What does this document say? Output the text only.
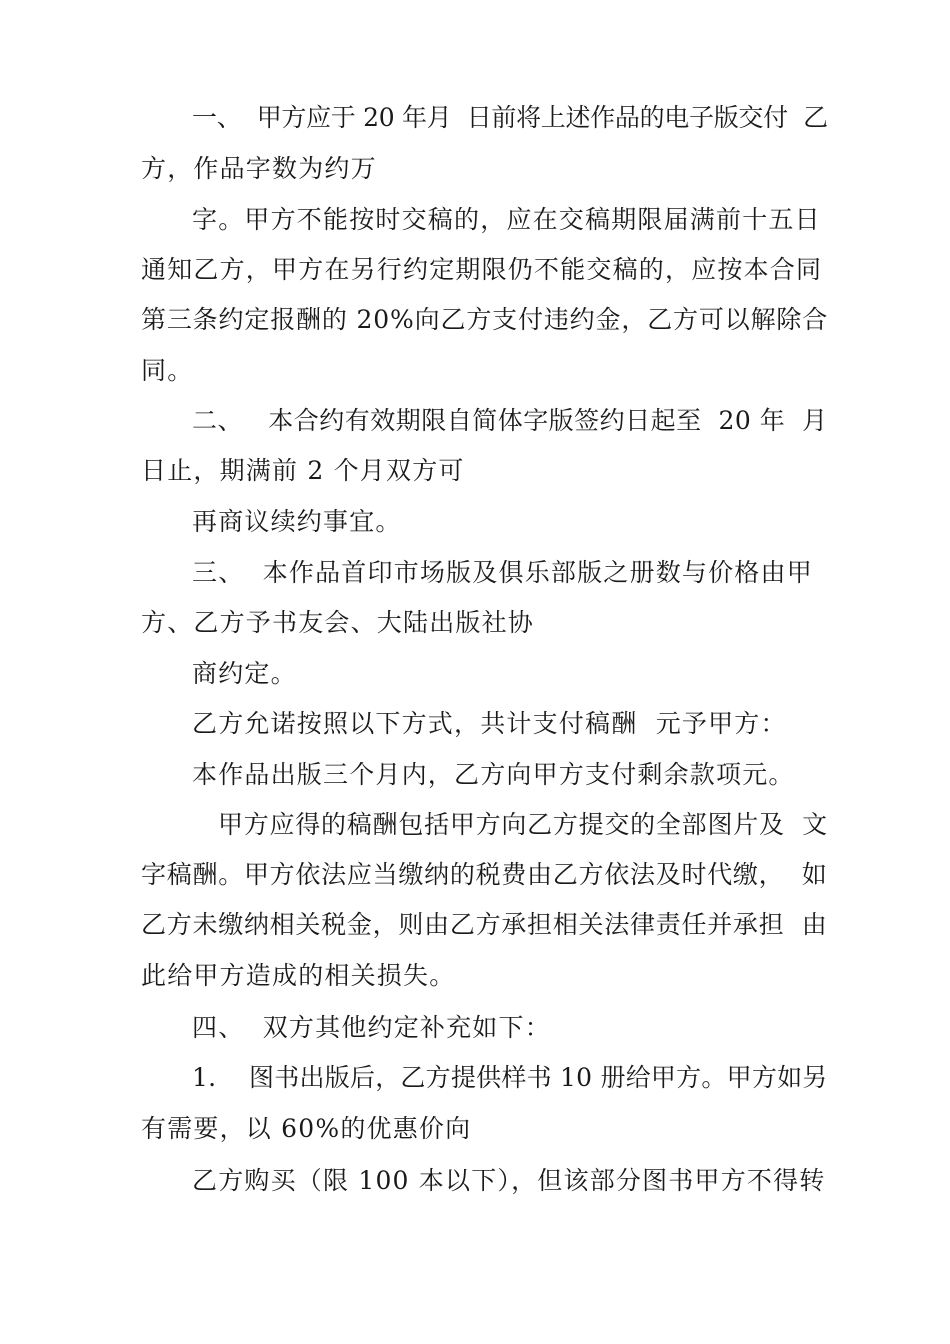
一、  甲方应于 20 年月  日前将上述作品的电子版交付  乙
方，作品字数为约万
字。甲方不能按时交稿的，应在交稿期限届满前十五日
通知乙方，甲方在另行约定期限仍不能交稿的，应按本合同
第三条约定报酬的 20%向乙方支付违约金，乙方可以解除合
同。
二、   本合约有效期限自简体字版签约日起至  20 年  月
日止，期满前 2 个月双方可
再商议续约事宜。
三、  本作品首印市场版及俱乐部版之册数与价格由甲
方、乙方予书友会、大陆出版社协
商约定。
乙方允诺按照以下方式，共计支付稿酬  元予甲方：
本作品出版三个月内，乙方向甲方支付剩余款项元。
甲方应得的稿酬包括甲方向乙方提交的全部图片及  文
字稿酬。甲方依法应当缴纳的税费由乙方依法及时代缴，  如
乙方未缴纳相关税金，则由乙方承担相关法律责任并承担  由
此给甲方造成的相关损失。
四、  双方其他约定补充如下：
1.    图书出版后，乙方提供样书 10 册给甲方。甲方如另
有需要，以 60%的优惠价向
乙方购买（限 100 本以下），但该部分图书甲方不得转
